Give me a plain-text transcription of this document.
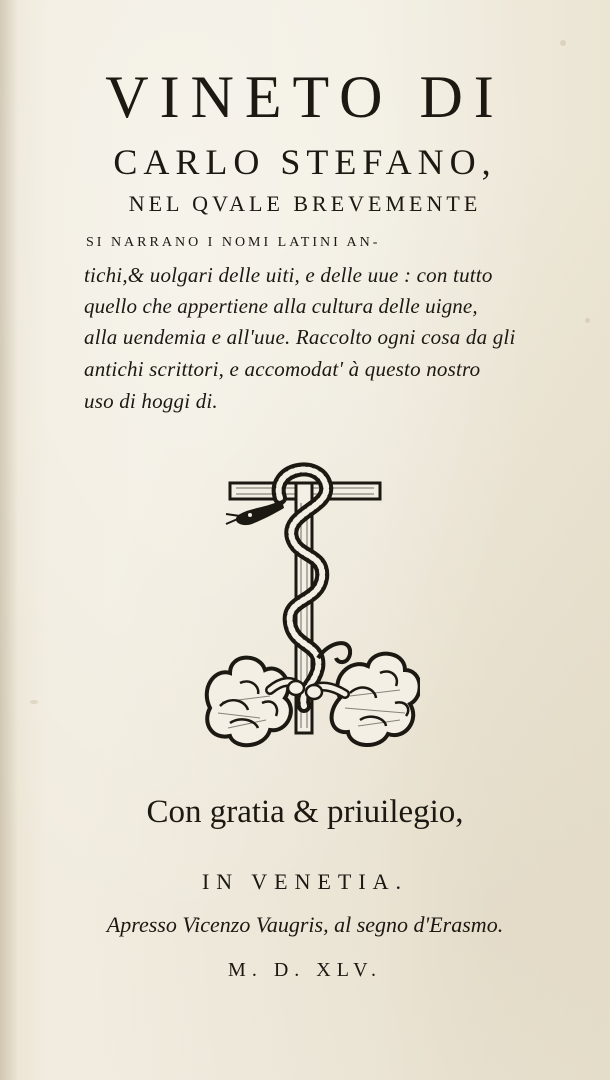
VINETO DI
CARLO STEFANO,
NEL QVALE BREVEMENTE
SI NARRANO I NOMI LATINI AN-
tichi,& uolgari delle uiti, e delle uue : con tutto
quello che appertiene alla cultura delle uigne,
alla uendemia e all'uue. Raccolto ogni cosa da gli
antichi scrittori, e accomodat' à questo nostro
uso di hoggi di.
Con gratia & priuilegio,
IN VENETIA.
Apresso Vicenzo Vaugris, al segno d'Erasmo.
M. D. XLV.
